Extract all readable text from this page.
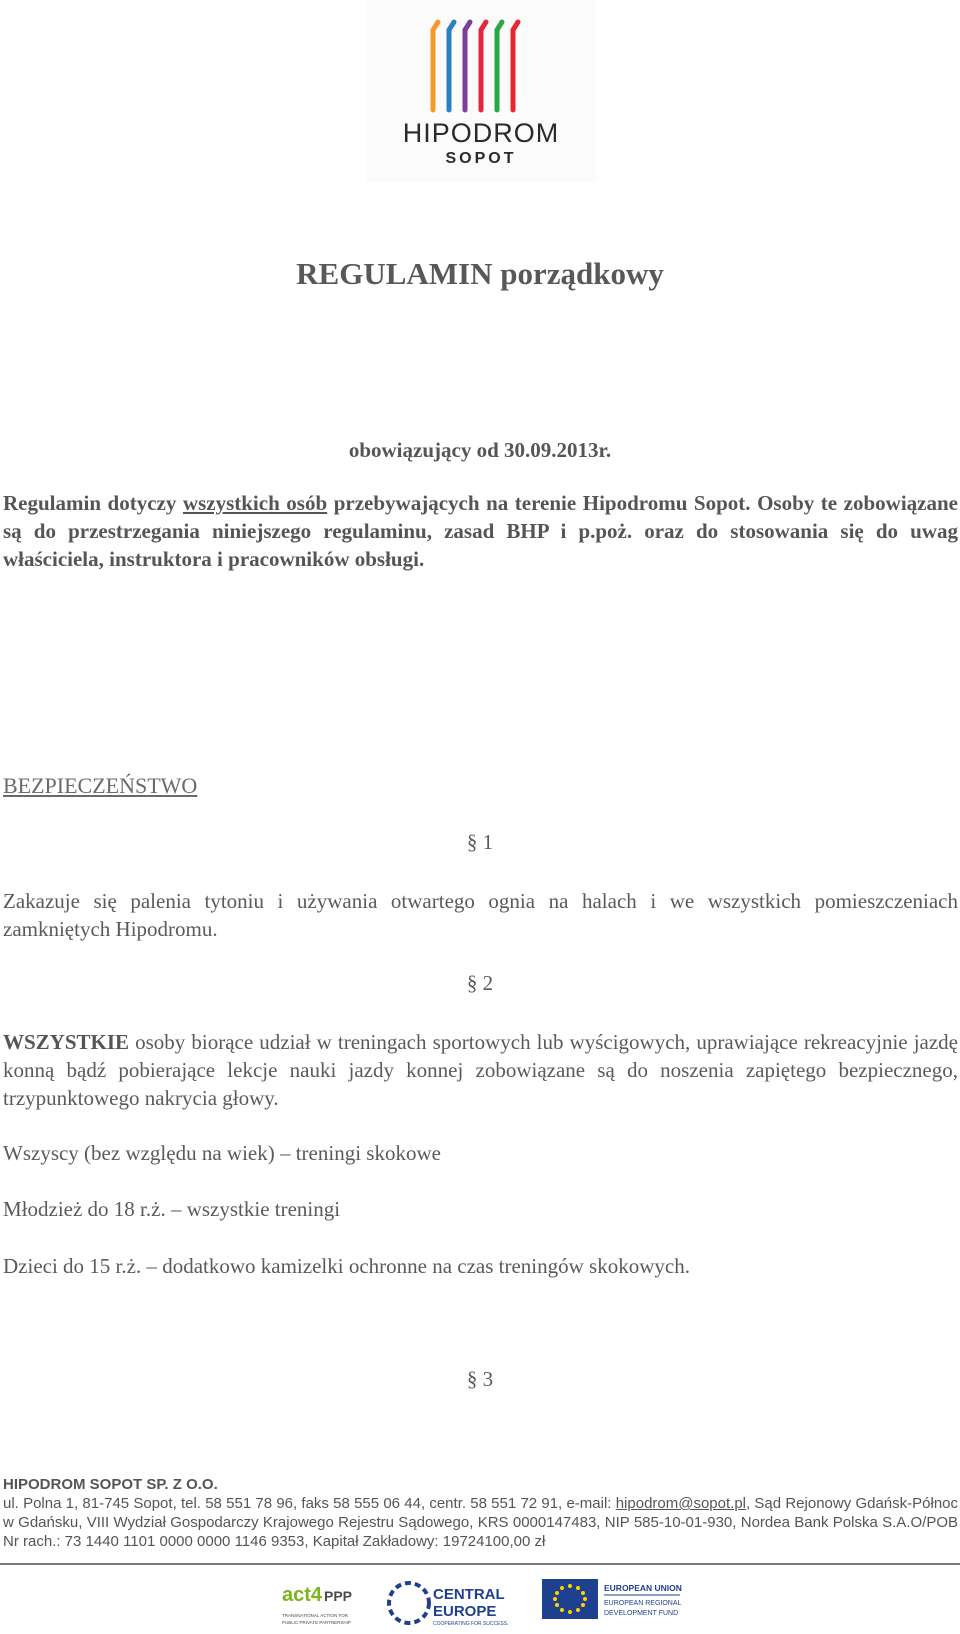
HIPODROM
SOPOT
REGULAMIN porządkowy
obowiązujący od 30.09.2013r.
Regulamin dotyczy wszystkich osób przebywających na terenie Hipodromu Sopot. Osoby te zobowiązane są do przestrzegania niniejszego regulaminu, zasad BHP i p.poż. oraz do stosowania się do uwag właściciela, instruktora i pracowników obsługi.
BEZPIECZEŃSTWO
§ 1
Zakazuje się palenia tytoniu i używania otwartego ognia na halach i we wszystkich pomieszczeniach zamkniętych Hipodromu.
§ 2
WSZYSTKIE osoby biorące udział w treningach sportowych lub wyścigowych, uprawiające rekreacyjnie jazdę konną bądź pobierające lekcje nauki jazdy konnej zobowiązane są do noszenia zapiętego bezpiecznego, trzypunktowego nakrycia głowy.
Wszyscy (bez względu na wiek) – treningi skokowe
Młodzież do 18 r.ż. – wszystkie treningi
Dzieci do 15 r.ż. – dodatkowo kamizelki ochronne na czas treningów skokowych.
§ 3
HIPODROM SOPOT SP. Z O.O.
ul. Polna 1, 81-745 Sopot, tel. 58 551 78 96, faks 58 555 06 44, centr. 58 551 72 91, e-mail: hipodrom@sopot.pl, Sąd Rejonowy Gdańsk-Północ w Gdańsku, VIII Wydział Gospodarczy Krajowego Rejestru Sądowego, KRS 0000147483, NIP 585-10-01-930, Nordea Bank Polska S.A.O/POB Nr rach.: 73 1440 1101 0000 0000 1146 9353, Kapitał Zakładowy: 19724100,00 zł
act4 PPP
TRANSNATIONAL ACTION FOR
PUBLIC PRIVATE PARTNERSHIP
CENTRAL
EUROPE
COOPERATING FOR SUCCESS.
EUROPEAN UNION
EUROPEAN REGIONAL
DEVELOPMENT FUND
